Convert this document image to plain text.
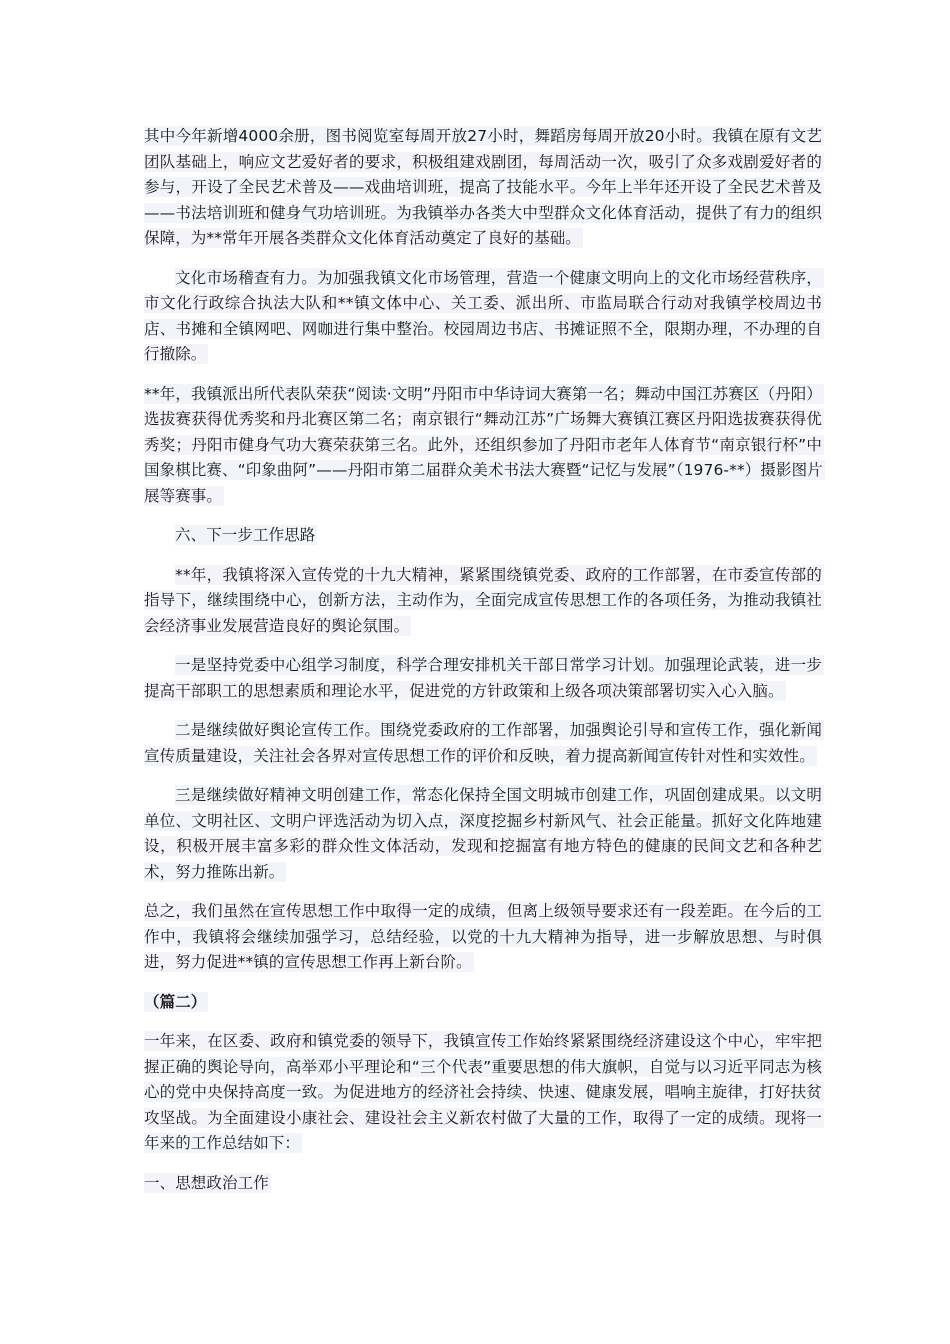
其中今年新增4000余册，图书阅览室每周开放27小时，舞蹈房每周开放20小时。我镇在原有文艺团队基础上，响应文艺爱好者的要求，积极组建戏剧团，每周活动一次，吸引了众多戏剧爱好者的参与，开设了全民艺术普及——戏曲培训班，提高了技能水平。今年上半年还开设了全民艺术普及——书法培训班和健身气功培训班。为我镇举办各类大中型群众文化体育活动，提供了有力的组织保障，为**常年开展各类群众文化体育活动奠定了良好的基础。

文化市场稽查有力。为加强我镇文化市场管理，营造一个健康文明向上的文化市场经营秩序，市文化行政综合执法大队和**镇文体中心、关工委、派出所、市监局联合行动对我镇学校周边书店、书摊和全镇网吧、网咖进行集中整治。校园周边书店、书摊证照不全，限期办理，不办理的自行撤除。

**年，我镇派出所代表队荣获“阅读·文明”丹阳市中华诗词大赛第一名；舞动中国江苏赛区（丹阳）选拔赛获得优秀奖和丹北赛区第二名；南京银行“舞动江苏”广场舞大赛镇江赛区丹阳选拔赛获得优秀奖；丹阳市健身气功大赛荣获第三名。此外，还组织参加了丹阳市老年人体育节“南京银行杯”中国象棋比赛、“印象曲阿”——丹阳市第二届群众美术书法大赛暨“记忆与发展”（1976-**）摄影图片展等赛事。

六、下一步工作思路

**年，我镇将深入宣传党的十九大精神，紧紧围绕镇党委、政府的工作部署，在市委宣传部的指导下，继续围绕中心，创新方法，主动作为，全面完成宣传思想工作的各项任务，为推动我镇社会经济事业发展营造良好的舆论氛围。

一是坚持党委中心组学习制度，科学合理安排机关干部日常学习计划。加强理论武装，进一步提高干部职工的思想素质和理论水平，促进党的方针政策和上级各项决策部署切实入心入脑。

二是继续做好舆论宣传工作。围绕党委政府的工作部署，加强舆论引导和宣传工作，强化新闻宣传质量建设，关注社会各界对宣传思想工作的评价和反映，着力提高新闻宣传针对性和实效性。

三是继续做好精神文明创建工作，常态化保持全国文明城市创建工作，巩固创建成果。以文明单位、文明社区、文明户评选活动为切入点，深度挖掘乡村新风气、社会正能量。抓好文化阵地建设，积极开展丰富多彩的群众性文体活动，发现和挖掘富有地方特色的健康的民间文艺和各种艺术，努力推陈出新。

总之，我们虽然在宣传思想工作中取得一定的成绩，但离上级领导要求还有一段差距。在今后的工作中，我镇将会继续加强学习，总结经验，以党的十九大精神为指导，进一步解放思想、与时俱进，努力促进**镇的宣传思想工作再上新台阶。

（篇二）

一年来，在区委、政府和镇党委的领导下，我镇宣传工作始终紧紧围绕经济建设这个中心，牢牢把握正确的舆论导向，高举邓小平理论和“三个代表”重要思想的伟大旗帜，自觉与以习近平同志为核心的党中央保持高度一致。为促进地方的经济社会持续、快速、健康发展，唱响主旋律，打好扶贫攻坚战。为全面建设小康社会、建设社会主义新农村做了大量的工作，取得了一定的成绩。现将一年来的工作总结如下：

一、思想政治工作
